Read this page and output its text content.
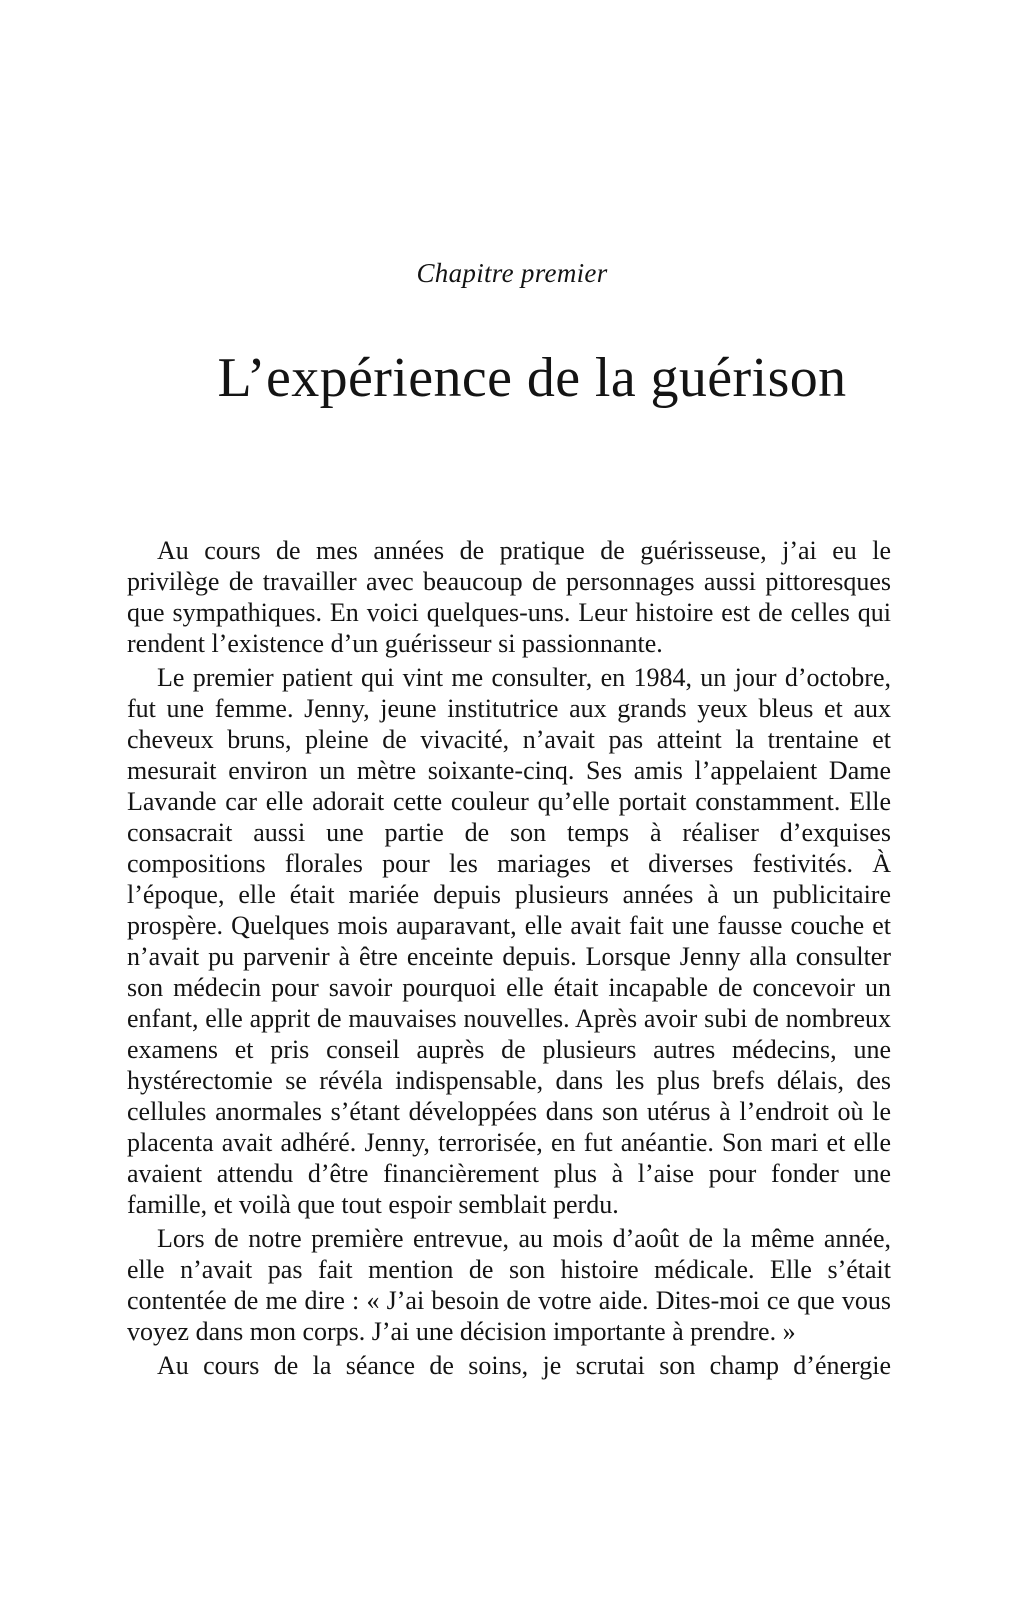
Chapitre premier
L’expérience de la guérison

Au cours de mes années de pratique de guérisseuse, j’ai eu le privilège de travailler avec beaucoup de personnages aussi pittoresques que sympathiques. En voici quelques-uns. Leur histoire est de celles qui rendent l’existence d’un guérisseur si passionnante.

Le premier patient qui vint me consulter, en 1984, un jour d’octobre, fut une femme. Jenny, jeune institutrice aux grands yeux bleus et aux cheveux bruns, pleine de vivacité, n’avait pas atteint la trentaine et mesurait environ un mètre soixante-cinq. Ses amis l’appelaient Dame Lavande car elle adorait cette couleur qu’elle portait constamment. Elle consacrait aussi une partie de son temps à réaliser d’exquises compositions florales pour les mariages et diverses festivités. À l’époque, elle était mariée depuis plusieurs années à un publicitaire prospère. Quelques mois auparavant, elle avait fait une fausse couche et n’avait pu parvenir à être enceinte depuis. Lorsque Jenny alla consulter son médecin pour savoir pourquoi elle était incapable de concevoir un enfant, elle apprit de mauvaises nouvelles. Après avoir subi de nombreux examens et pris conseil auprès de plusieurs autres médecins, une hystérectomie se révéla indispensable, dans les plus brefs délais, des cellules anormales s’étant développées dans son utérus à l’endroit où le placenta avait adhéré. Jenny, terrorisée, en fut anéantie. Son mari et elle avaient attendu d’être financièrement plus à l’aise pour fonder une famille, et voilà que tout espoir semblait perdu.

Lors de notre première entrevue, au mois d’août de la même année, elle n’avait pas fait mention de son histoire médicale. Elle s’était contentée de me dire : « J’ai besoin de votre aide. Dites-moi ce que vous voyez dans mon corps. J’ai une décision importante à prendre. »

Au cours de la séance de soins, je scrutai son champ d’énergie
